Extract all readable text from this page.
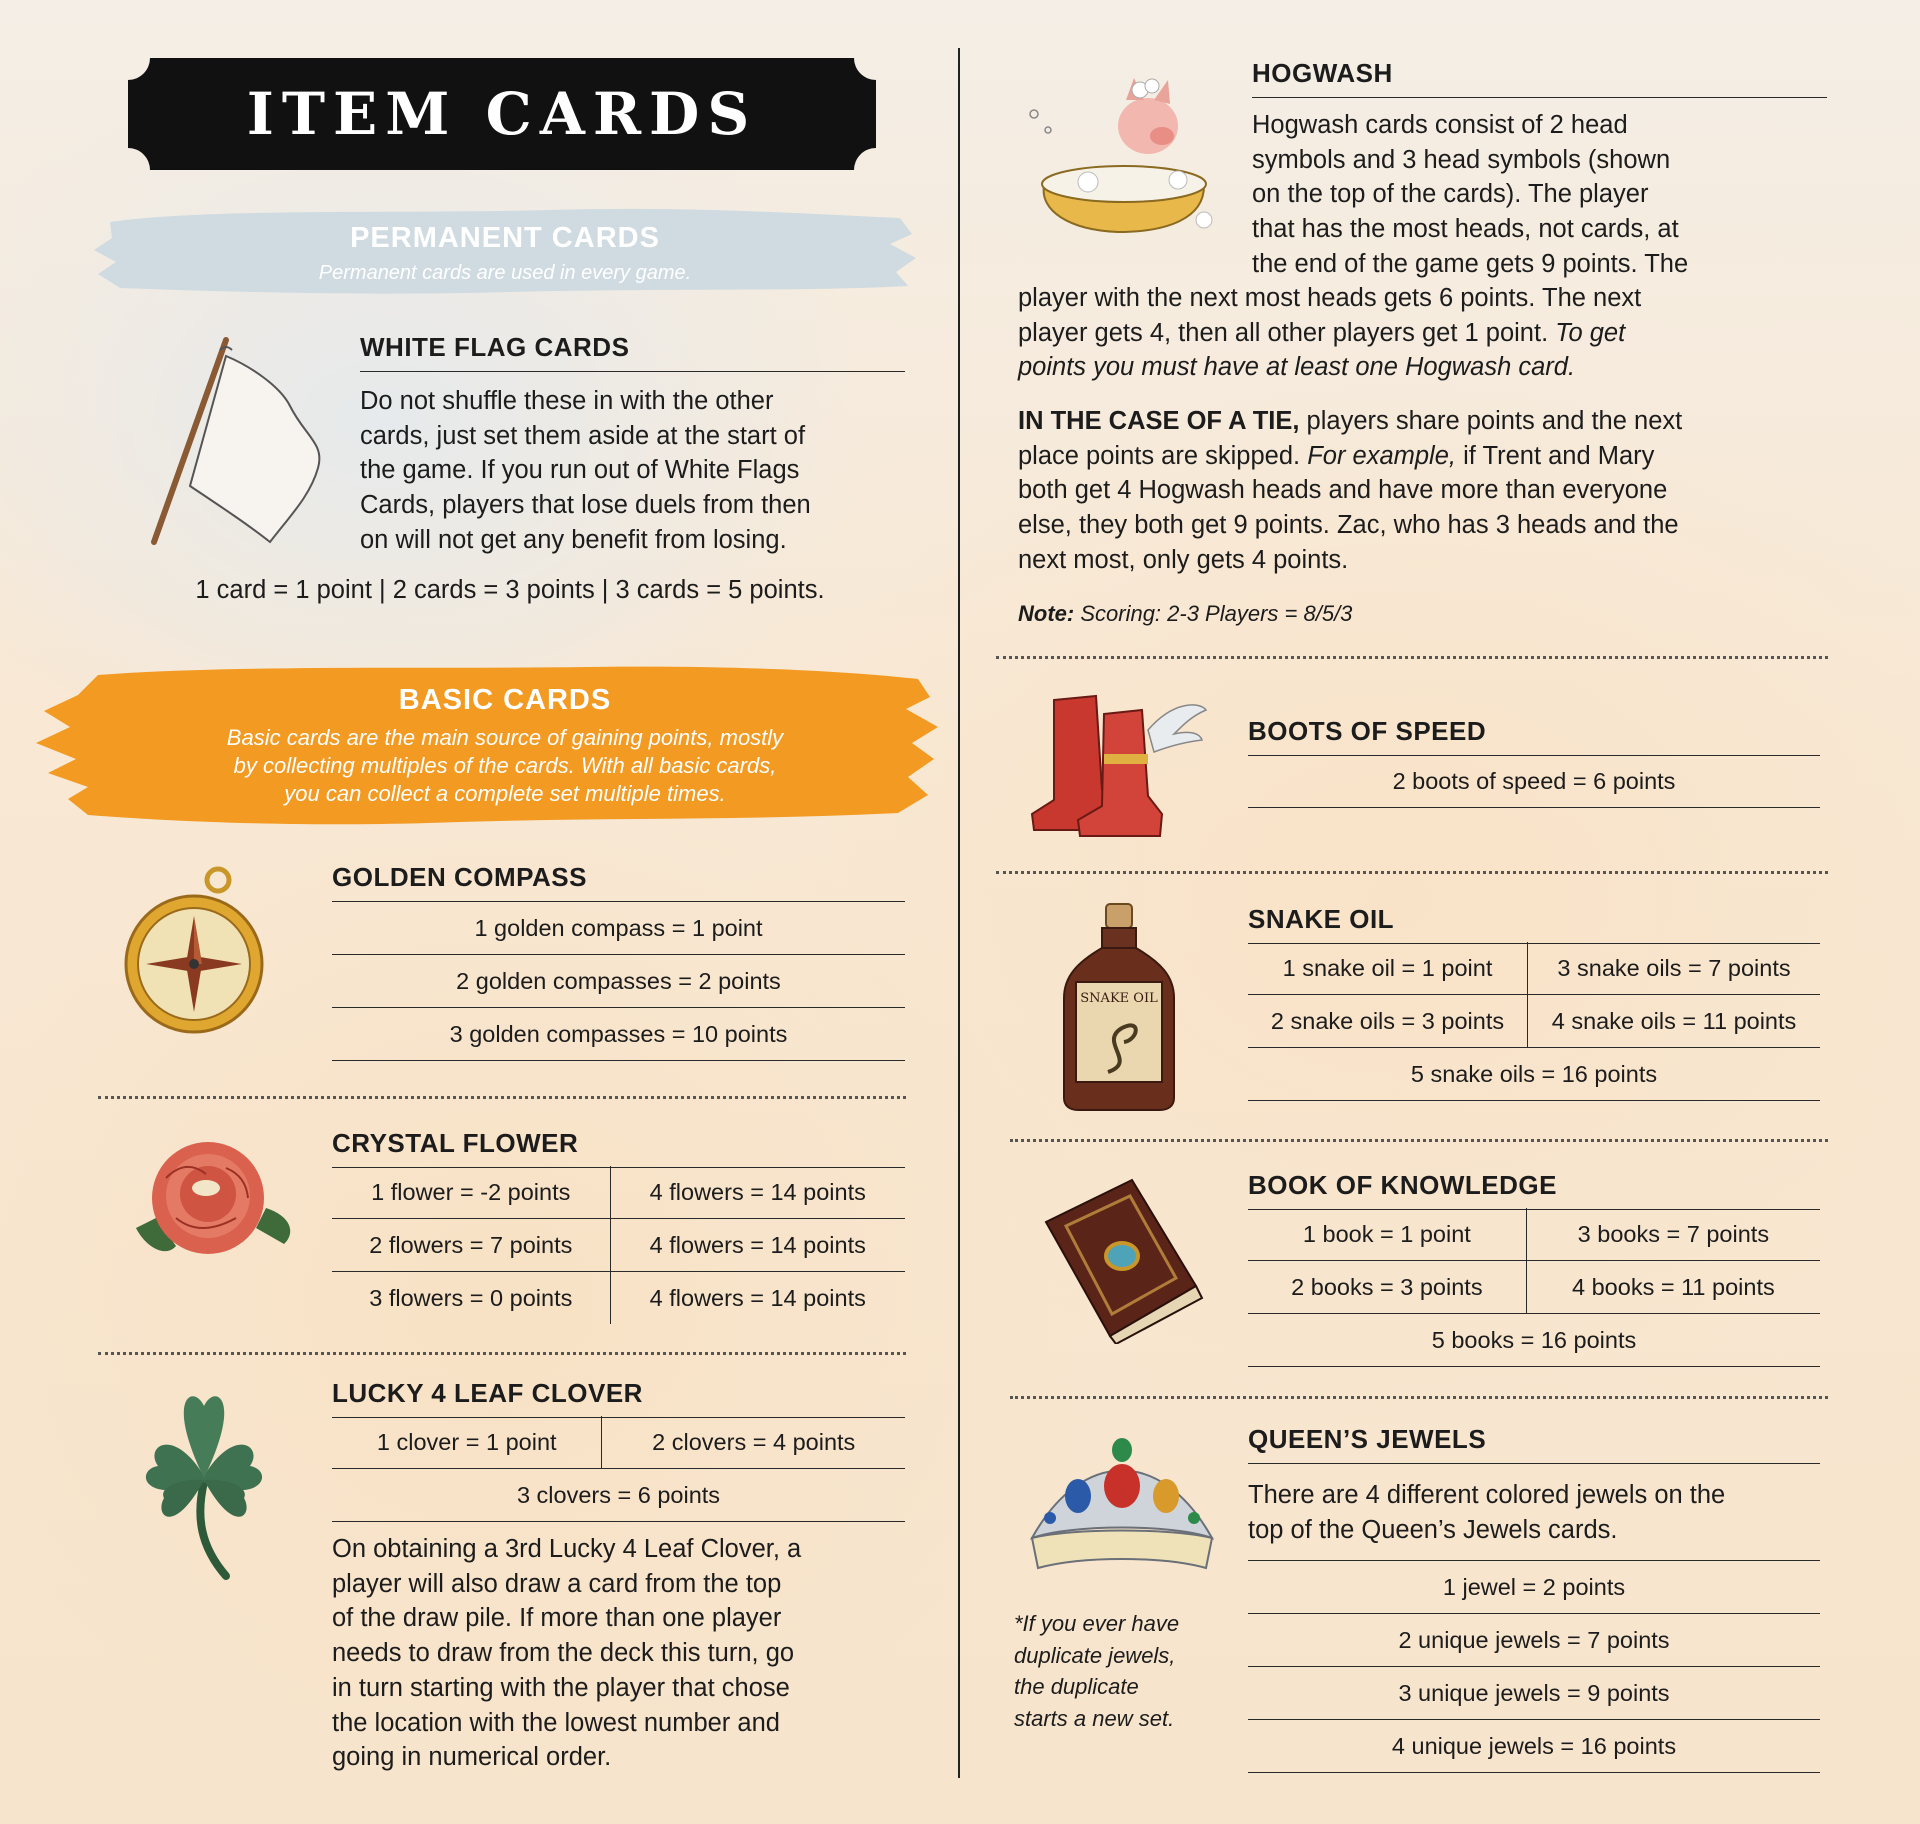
ITEM CARDS
PERMANENT CARDS
Permanent cards are used in every game.
WHITE FLAG CARDS
Do not shuffle these in with the other
cards, just set them aside at the start of
the game. If you run out of White Flags
Cards, players that lose duels from then
on will not get any benefit from losing.
1 card = 1 point | 2 cards = 3 points | 3 cards = 5 points.
BASIC CARDS
Basic cards are the main source of gaining points, mostly
by collecting multiples of the cards. With all basic cards,
you can collect a complete set multiple times.
GOLDEN COMPASS
1 golden compass = 1 point
2 golden compasses = 2 points
3 golden compasses = 10 points
CRYSTAL FLOWER
1 flower = -2 points	4 flowers = 14 points
2 flowers = 7 points	4 flowers = 14 points
3 flowers = 0 points	4 flowers = 14 points
LUCKY 4 LEAF CLOVER
1 clover = 1 point	2 clovers = 4 points
3 clovers = 6 points
On obtaining a 3rd Lucky 4 Leaf Clover, a
player will also draw a card from the top
of the draw pile. If more than one player
needs to draw from the deck this turn, go
in turn starting with the player that chose
the location with the lowest number and
going in numerical order.
HOGWASH
Hogwash cards consist of 2 head
symbols and 3 head symbols (shown
on the top of the cards). The player
that has the most heads, not cards, at
the end of the game gets 9 points. The
player with the next most heads gets 6 points. The next
player gets 4, then all other players get 1 point. To get
points you must have at least one Hogwash card.
IN THE CASE OF A TIE, players share points and the next
place points are skipped. For example, if Trent and Mary
both get 4 Hogwash heads and have more than everyone
else, they both get 9 points. Zac, who has 3 heads and the
next most, only gets 4 points.
Note: Scoring: 2-3 Players = 8/5/3
BOOTS OF SPEED
2 boots of speed = 6 points
SNAKE OIL
SNAKE OIL
1 snake oil = 1 point	3 snake oils = 7 points
2 snake oils = 3 points	4 snake oils = 11 points
5 snake oils = 16 points
BOOK OF KNOWLEDGE
1 book = 1 point	3 books = 7 points
2 books = 3 points	4 books = 11 points
5 books = 16 points
QUEEN’S JEWELS
There are 4 different colored jewels on the
top of the Queen’s Jewels cards.
1 jewel = 2 points
2 unique jewels = 7 points
3 unique jewels = 9 points
4 unique jewels = 16 points
*If you ever have
duplicate jewels,
the duplicate
starts a new set.
